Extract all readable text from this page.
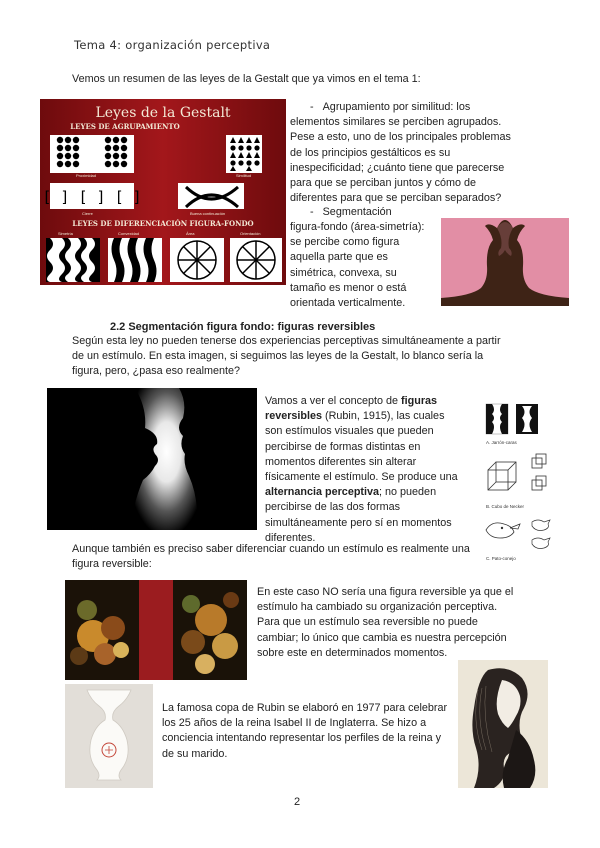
Tema 4: organización perceptiva
Vemos un resumen de las leyes de la Gestalt que ya vimos en el tema 1:
Leyes de la Gestalt
LEYES DE AGRUPAMIENTO
Proximidad	Similitud
[ ] [ ] [ ]
Cierre	Buena continuación
LEYES DE DIFERENCIACIÓN FIGURA-FONDO
Simetría	Convexidad	Área	Orientación
- Agrupamiento por similitud: los elementos similares se perciben agrupados. Pese a esto, uno de los principales problemas de los principios gestálticos es su inespecificidad; ¿cuánto tiene que parecerse para que se perciban juntos y cómo de diferentes para que se perciban separados?
- Segmentación
figura-fondo (área-simetría): se percibe como figura aquella parte que es simétrica, convexa, su tamaño es menor o está orientada verticalmente.
2.2 Segmentación figura fondo: figuras reversibles
Según esta ley no pueden tenerse dos experiencias perceptivas simultáneamente a partir de un estímulo. En esta imagen, si seguimos las leyes de la Gestalt, lo blanco sería la figura, pero, ¿pasa eso realmente?
Vamos a ver el concepto de figuras reversibles (Rubin, 1915), las cuales son estímulos visuales que pueden percibirse de formas distintas en momentos diferentes sin alterar físicamente el estímulo. Se produce una alternancia perceptiva; no pueden percibirse de las dos formas simultáneamente pero sí en momentos diferentes.
A. Jarrón-caras
B. Cubo de Necker
C. Pato-conejo
Aunque también es preciso saber diferenciar cuando un estímulo es realmente una figura reversible:
En este caso NO sería una figura reversible ya que el estímulo ha cambiado su organización perceptiva. Para que un estímulo sea reversible no puede cambiar; lo único que cambia es nuestra percepción sobre este en determinados momentos.
La famosa copa de Rubin se elaboró en 1977 para celebrar los 25 años de la reina Isabel II de Inglaterra. Se hizo a conciencia intentando representar los perfiles de la reina y de su marido.
2
